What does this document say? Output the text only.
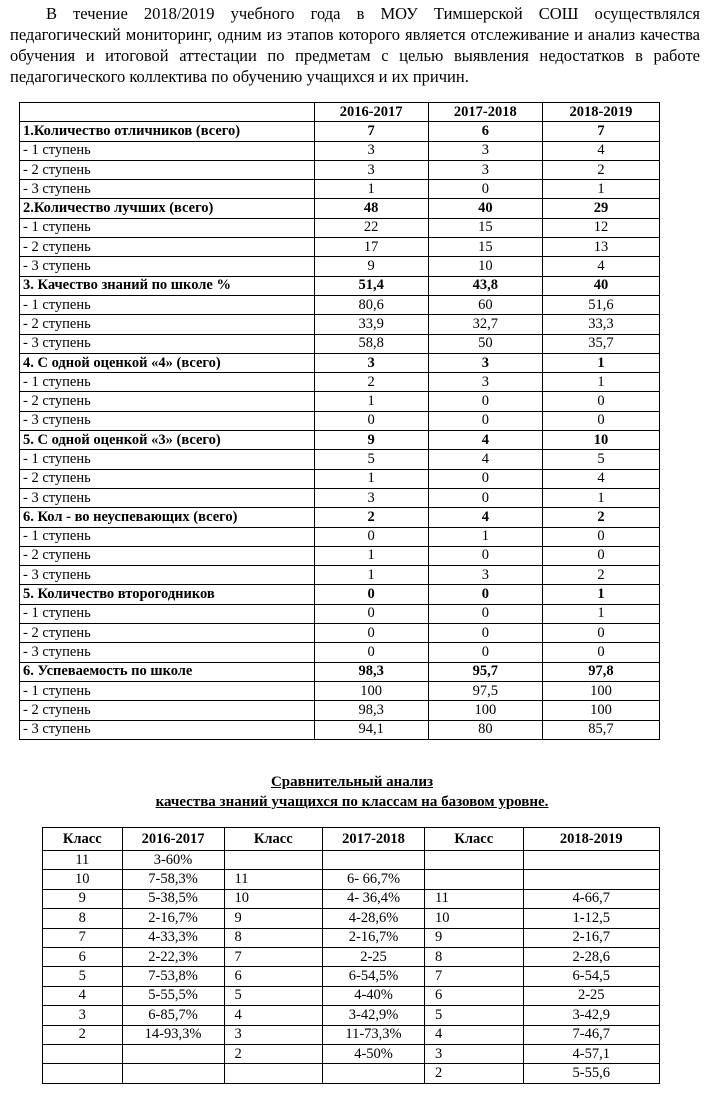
В течение 2018/2019 учебного года в МОУ Тимшерской СОШ осуществлялся педагогический мониторинг, одним из этапов которого является отслеживание и анализ качества обучения и итоговой аттестации по предметам с целью выявления недостатков в работе педагогического коллектива по обучению учащихся и их причин.

	2016-2017	2017-2018	2018-2019
1.Количество отличников (всего)	7	6	7
- 1 ступень	3	3	4
- 2 ступень	3	3	2
- 3 ступень	1	0	1
2.Количество лучших (всего)	48	40	29
- 1 ступень	22	15	12
- 2 ступень	17	15	13
- 3 ступень	9	10	4
3. Качество знаний по школе %	51,4	43,8	40
- 1 ступень	80,6	60	51,6
- 2 ступень	33,9	32,7	33,3
- 3 ступень	58,8	50	35,7
4. С одной оценкой «4» (всего)	3	3	1
- 1 ступень	2	3	1
- 2 ступень	1	0	0
- 3 ступень	0	0	0
5. С одной оценкой «3» (всего)	9	4	10
- 1 ступень	5	4	5
- 2 ступень	1	0	4
- 3 ступень	3	0	1
6. Кол - во неуспевающих (всего)	2	4	2
- 1 ступень	0	1	0
- 2 ступень	1	0	0
- 3 ступень	1	3	2
5. Количество второгодников	0	0	1
- 1 ступень	0	0	1
- 2 ступень	0	0	0
- 3 ступень	0	0	0
6. Успеваемость по школе	98,3	95,7	97,8
- 1 ступень	100	97,5	100
- 2 ступень	98,3	100	100
- 3 ступень	94,1	80	85,7
Сравнительный анализ
качества знаний учащихся по классам на базовом уровне.
Класс	2016-2017	Класс	2017-2018	Класс	2018-2019
11	3-60%				
10	7-58,3%	11	6- 66,7%		
9	5-38,5%	10	4- 36,4%	11	4-66,7
8	2-16,7%	9	4-28,6%	10	1-12,5
7	4-33,3%	8	2-16,7%	9	2-16,7
6	2-22,3%	7	2-25	8	2-28,6
5	7-53,8%	6	6-54,5%	7	6-54,5
4	5-55,5%	5	4-40%	6	2-25
3	6-85,7%	4	3-42,9%	5	3-42,9
2	14-93,3%	3	11-73,3%	4	7-46,7
		2	4-50%	3	4-57,1
				2	5-55,6
